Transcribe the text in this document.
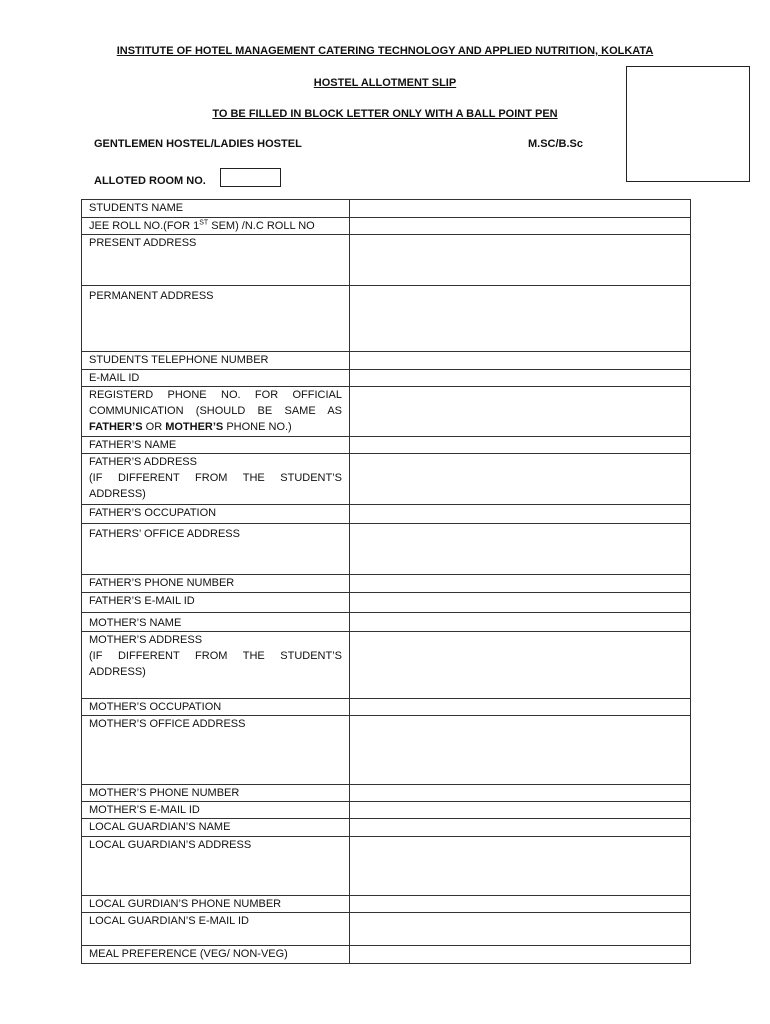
INSTITUTE OF HOTEL MANAGEMENT CATERING TECHNOLOGY AND APPLIED NUTRITION, KOLKATA
HOSTEL ALLOTMENT SLIP
TO BE FILLED IN BLOCK LETTER ONLY WITH A BALL POINT PEN
GENTLEMEN HOSTEL/LADIES HOSTEL	M.SC/B.Sc
ALLOTED ROOM NO.
STUDENTS NAME	
JEE ROLL NO.(FOR 1ST SEM) /N.C ROLL NO	
PRESENT ADDRESS	
PERMANENT ADDRESS	
STUDENTS TELEPHONE NUMBER	
E-MAIL ID	
REGISTERD PHONE NO. FOR OFFICIAL COMMUNICATION (SHOULD BE SAME AS FATHER’S OR MOTHER’S PHONE NO.)	
FATHER’S NAME	

FATHER’S ADDRESS
(IF DIFFERENT FROM THE STUDENT’S ADDRESS)	

FATHER’S OCCUPATION	
FATHERS’ OFFICE ADDRESS	
FATHER’S PHONE NUMBER	
FATHER’S E-MAIL ID	
MOTHER’S NAME	

MOTHER’S ADDRESS
(IF DIFFERENT FROM THE STUDENT’S ADDRESS)	

MOTHER’S OCCUPATION	
MOTHER’S OFFICE ADDRESS	
MOTHER’S PHONE NUMBER	
MOTHER’S E-MAIL ID	
LOCAL GUARDIAN’S NAME	
LOCAL GUARDIAN’S ADDRESS	
LOCAL GURDIAN’S PHONE NUMBER	
LOCAL GUARDIAN’S E-MAIL ID	
MEAL PREFERENCE (VEG/ NON-VEG)	
